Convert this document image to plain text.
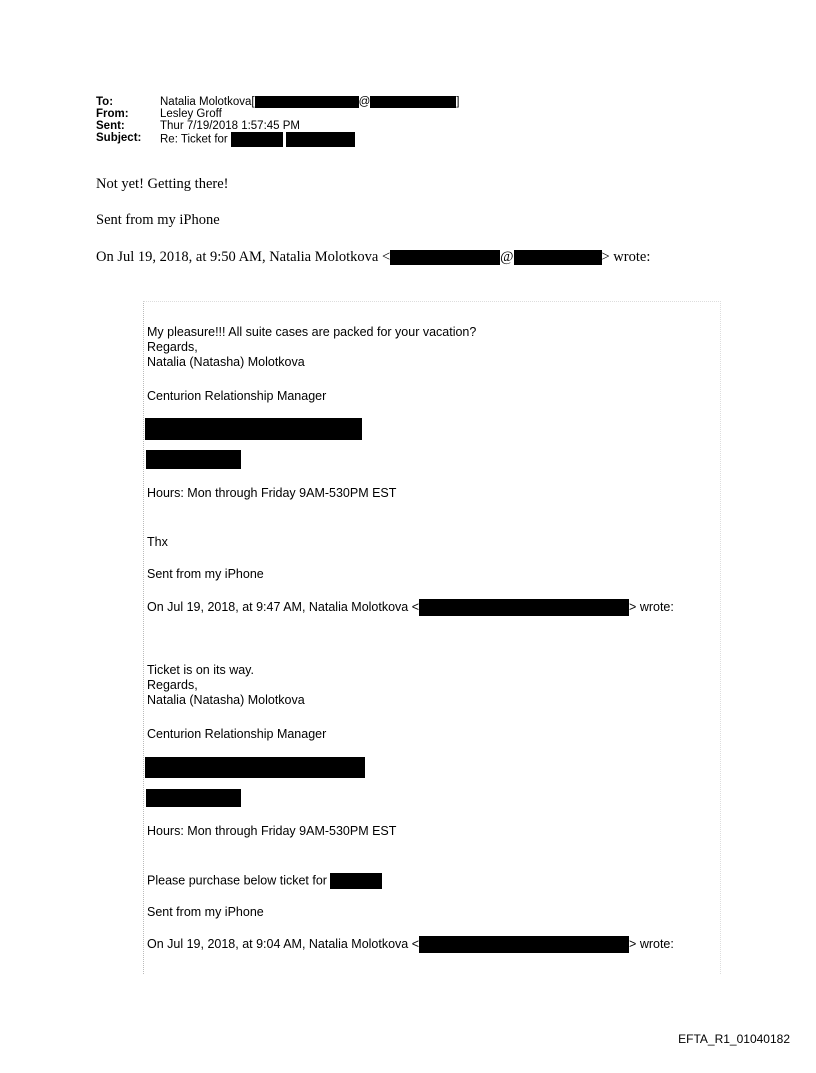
To:	Natalia Molotkova[	@	]
From:	Lesley Groff
Sent:	Thur 7/19/2018 1:57:45 PM
Subject: Re: Ticket for
Not yet! Getting there!
Sent from my iPhone
On Jul 19, 2018, at 9:50 AM, Natalia Molotkova <	@	> wrote:
My pleasure!!! All suite cases are packed for your vacation?
Regards,
Natalia (Natasha) Molotkova
Centurion Relationship Manager
Hours: Mon through Friday 9AM-530PM EST
Thx
Sent from my iPhone
On Jul 19, 2018, at 9:47 AM, Natalia Molotkova <	> wrote:
Ticket is on its way.
Regards,
Natalia (Natasha) Molotkova
Centurion Relationship Manager
Hours: Mon through Friday 9AM-530PM EST
Please purchase below ticket for
Sent from my iPhone
On Jul 19, 2018, at 9:04 AM, Natalia Molotkova <	> wrote:
EFTA_R1_01040182
